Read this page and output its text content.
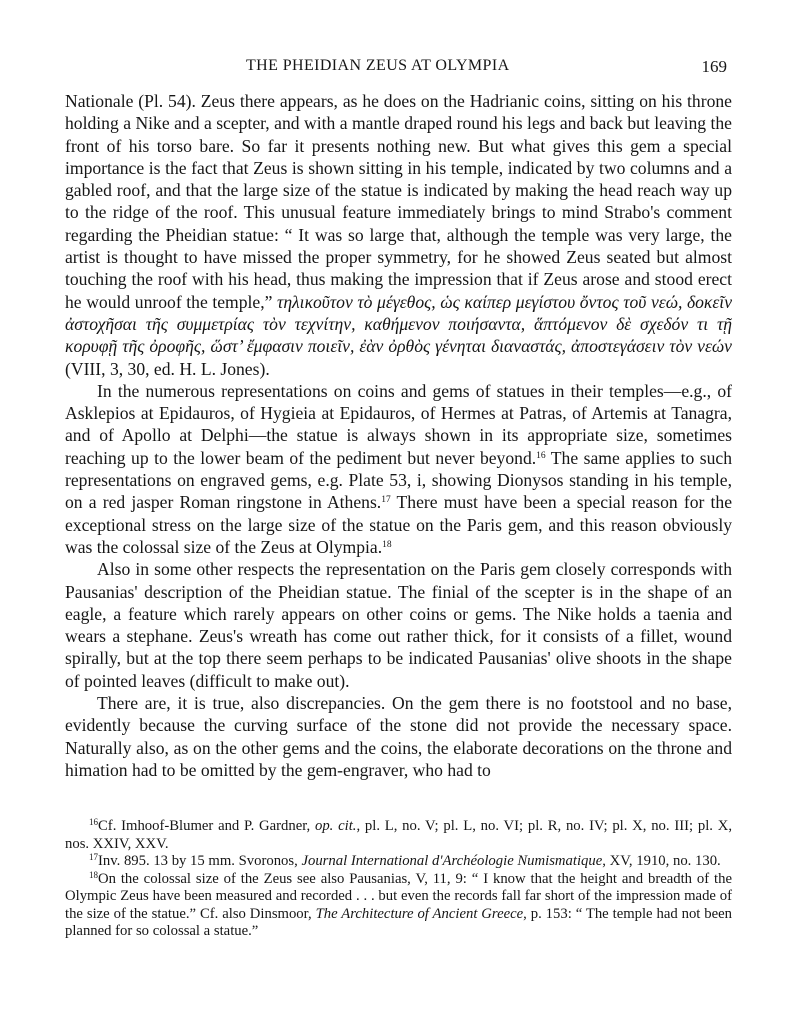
THE PHEIDIAN ZEUS AT OLYMPIA	169

Nationale (Pl. 54). Zeus there appears, as he does on the Hadrianic coins, sitting on his throne holding a Nike and a scepter, and with a mantle draped round his legs and back but leaving the front of his torso bare. So far it presents nothing new. But what gives this gem a special importance is the fact that Zeus is shown sitting in his temple, indicated by two columns and a gabled roof, and that the large size of the statue is indicated by making the head reach way up to the ridge of the roof. This unusual feature immediately brings to mind Strabo's comment regarding the Pheidian statue: “ It was so large that, although the temple was very large, the artist is thought to have missed the proper symmetry, for he showed Zeus seated but almost touching the roof with his head, thus making the impression that if Zeus arose and stood erect he would unroof the temple,” τηλικοῦτον τὸ μέγεθος, ὡς καίπερ μεγίστου ὄντος τοῦ νεώ, δοκεῖν ἀστοχῆσαι τῆς συμμετρίας τὸν τεχνίτην, καθήμενον ποιήσαντα, ἅπτόμενον δὲ σχεδόν τι τῇ κορυφῇ τῆς ὀροφῆς, ὥστ’ ἔμφασιν ποιεῖν, ἐὰν ὀρθὸς γένηται διαναστάς, ἀποστεγάσειν τὸν νεών (VIII, 3, 30, ed. H. L. Jones).

In the numerous representations on coins and gems of statues in their temples—e.g., of Asklepios at Epidauros, of Hygieia at Epidauros, of Hermes at Patras, of Artemis at Tanagra, and of Apollo at Delphi—the statue is always shown in its appropriate size, sometimes reaching up to the lower beam of the pediment but never beyond.$^{16}$ The same applies to such representations on engraved gems, e.g. Plate 53, i, showing Dionysos standing in his temple, on a red jasper Roman ringstone in Athens.$^{17}$ There must have been a special reason for the exceptional stress on the large size of the statue on the Paris gem, and this reason obviously was the colossal size of the Zeus at Olympia.$^{18}$

Also in some other respects the representation on the Paris gem closely corresponds with Pausanias' description of the Pheidian statue. The finial of the scepter is in the shape of an eagle, a feature which rarely appears on other coins or gems. The Nike holds a taenia and wears a stephane. Zeus's wreath has come out rather thick, for it consists of a fillet, wound spirally, but at the top there seem perhaps to be indicated Pausanias' olive shoots in the shape of pointed leaves (difficult to make out).

There are, it is true, also discrepancies. On the gem there is no footstool and no base, evidently because the curving surface of the stone did not provide the necessary space. Naturally also, as on the other gems and the coins, the elaborate decorations on the throne and himation had to be omitted by the gem-engraver, who had to

$^{16}$Cf. Imhoof-Blumer and P. Gardner, op. cit., pl. L, no. V; pl. L, no. VI; pl. R, no. IV; pl. X, no. III; pl. X, nos. XXIV, XXV.

$^{17}$Inv. 895. 13 by 15 mm. Svoronos, Journal International d'Archéologie Numismatique, XV, 1910, no. 130.

$^{18}$On the colossal size of the Zeus see also Pausanias, V, 11, 9: “ I know that the height and breadth of the Olympic Zeus have been measured and recorded . . . but even the records fall far short of the impression made of the size of the statue.” Cf. also Dinsmoor, The Architecture of Ancient Greece, p. 153: “ The temple had not been planned for so colossal a statue.”
